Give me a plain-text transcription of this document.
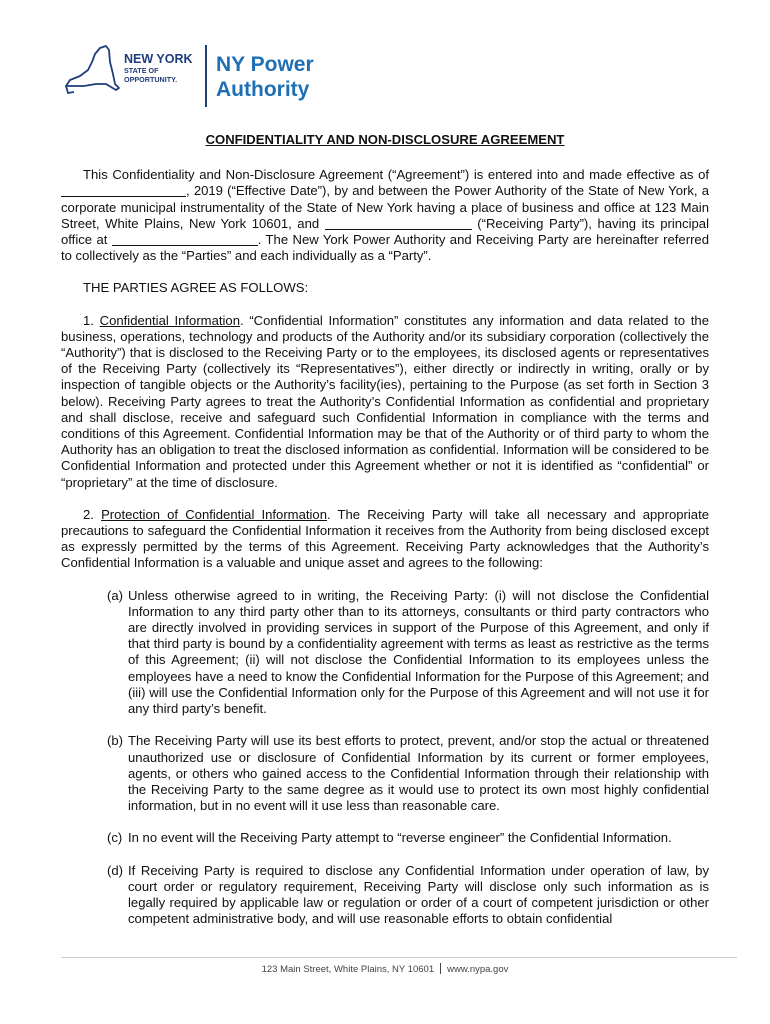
NEW YORK
STATE OF
OPPORTUNITY.
NY Power
Authority
CONFIDENTIALITY AND NON-DISCLOSURE AGREEMENT

This Confidentiality and Non-Disclosure Agreement (“Agreement”) is entered into and made effective as of , 2019 (“Effective Date”), by and between the Power Authority of the State of New York, a corporate municipal instrumentality of the State of New York having a place of business and office at 123 Main Street, White Plains, New York 10601, and	(“Receiving Party”), having its principal office at	. The New York Power Authority and Receiving Party are hereinafter referred to collectively as the “Parties” and each individually as a “Party”.

THE PARTIES AGREE AS FOLLOWS:

1. Confidential Information. “Confidential Information” constitutes any information and data related to the business, operations, technology and products of the Authority and/or its subsidiary corporation (collectively the “Authority”) that is disclosed to the Receiving Party or to the employees, its disclosed agents or representatives of the Receiving Party (collectively its “Representatives”), either directly or indirectly in writing, orally or by inspection of tangible objects or the Authority’s facility(ies), pertaining to the Purpose (as set forth in Section 3 below). Receiving Party agrees to treat the Authority’s Confidential Information as confidential and proprietary and shall disclose, receive and safeguard such Confidential Information in compliance with the terms and conditions of this Agreement. Confidential Information may be that of the Authority or of third party to whom the Authority has an obligation to treat the disclosed information as confidential. Information will be considered to be Confidential Information and protected under this Agreement whether or not it is identified as “confidential” or “proprietary” at the time of disclosure.

2. Protection of Confidential Information. The Receiving Party will take all necessary and appropriate precautions to safeguard the Confidential Information it receives from the Authority from being disclosed except as expressly permitted by the terms of this Agreement. Receiving Party acknowledges that the Authority’s Confidential Information is a valuable and unique asset and agrees to the following:

(a) Unless otherwise agreed to in writing, the Receiving Party: (i) will not disclose the Confidential Information to any third party other than to its attorneys, consultants or third party contractors who are directly involved in providing services in support of the Purpose of this Agreement, and only if that third party is bound by a confidentiality agreement with terms as least as restrictive as the terms of this Agreement; (ii) will not disclose the Confidential Information to its employees unless the employees have a need to know the Confidential Information for the Purpose of this Agreement; and (iii) will use the Confidential Information only for the Purpose of this Agreement and will not use it for any third party’s benefit.
(b) The Receiving Party will use its best efforts to protect, prevent, and/or stop the actual or threatened unauthorized use or disclosure of Confidential Information by its current or former employees, agents, or others who gained access to the Confidential Information through their relationship with the Receiving Party to the same degree as it would use to protect its own most highly confidential information, but in no event will it use less than reasonable care.
(c) In no event will the Receiving Party attempt to “reverse engineer” the Confidential Information.
(d) If Receiving Party is required to disclose any Confidential Information under operation of law, by court order or regulatory requirement, Receiving Party will disclose only such information as is legally required by applicable law or regulation or order of a court of competent jurisdiction or other competent administrative body, and will use reasonable efforts to obtain confidential
123 Main Street, White Plains, NY 10601 www.nypa.gov
